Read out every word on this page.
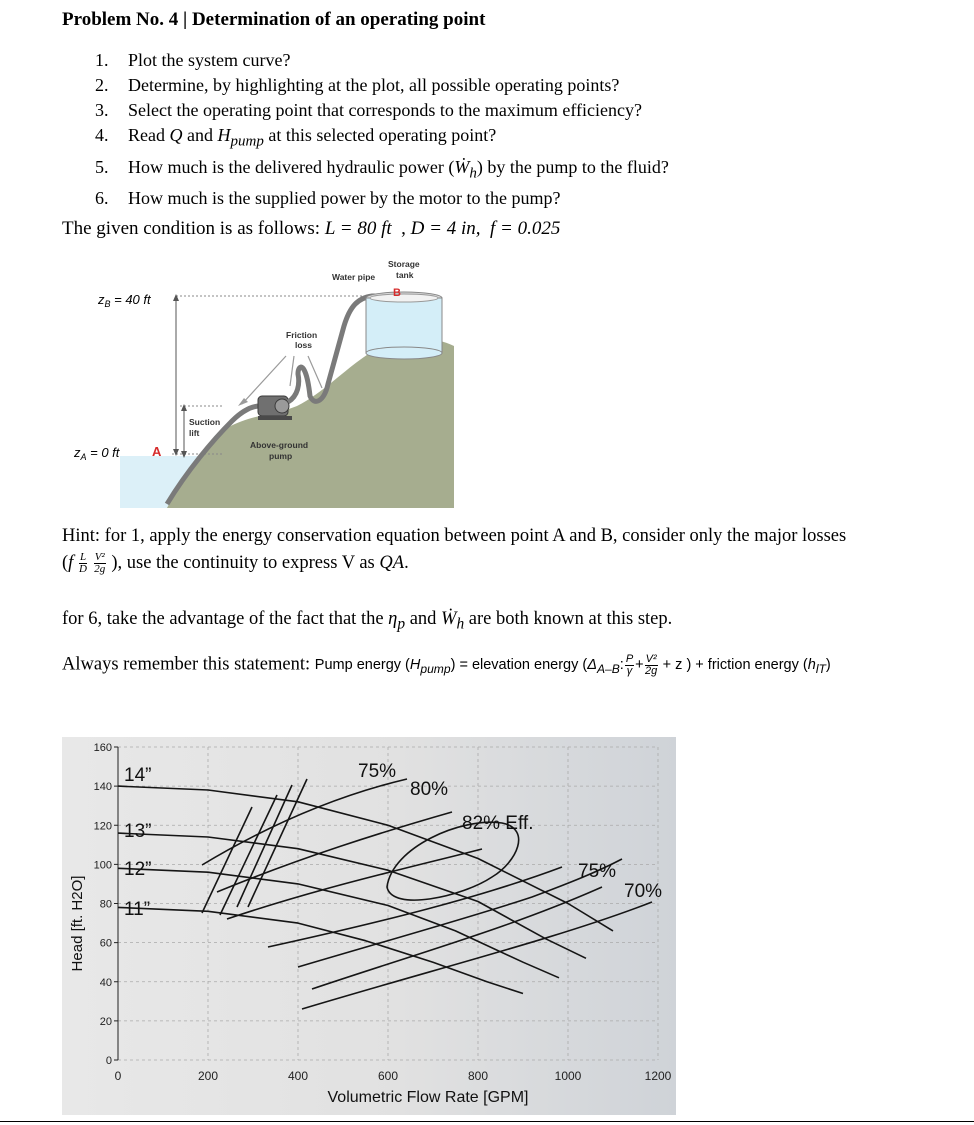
Problem No. 4 | Determination of an operating point
1. Plot the system curve?
2. Determine, by highlighting at the plot, all possible operating points?
3. Select the operating point that corresponds to the maximum efficiency?
4. Read Q and $H_{pump}$ at this selected operating point?
5. How much is the delivered hydraulic power (Ẇ$_h$) by the pump to the fluid?
6. How much is the supplied power by the motor to the pump?
The given condition is as follows: L = 80 ft  , D = 4 in, f = 0.025
$z_B = 40$ ft
$z_A = 0$ ft	A
B
Water pipe
Storage
tank
Friction
loss
Suction
lift
Above-ground
pump
Hint: for 1, apply the energy conservation equation between point A and B, consider only the major losses
($f \frac{L}{D}$
$\frac{\text{V²}}{2g}$ ), use the continuity to express V as QA.
for 6, take the advantage of the fact that the $\eta_p$ and Ẇ$_h$ are both known at this step.
Always remember this statement: Pump energy $(H_{pump})$ = elevation energy ($\Delta_{A-B}$: $\frac{P}{\gamma} + \frac{\text{V²}}{2g} + z$ ) + friction energy $(h_{lT})$
0	200	400	600	800	1000	1200
0
20
40
60
80
100
120
140
160
Volumetric Flow Rate [GPM]
Head [ft. H2O]
14”
13”
12”
11”
75%
80%
82% Eff.
75%
70%
